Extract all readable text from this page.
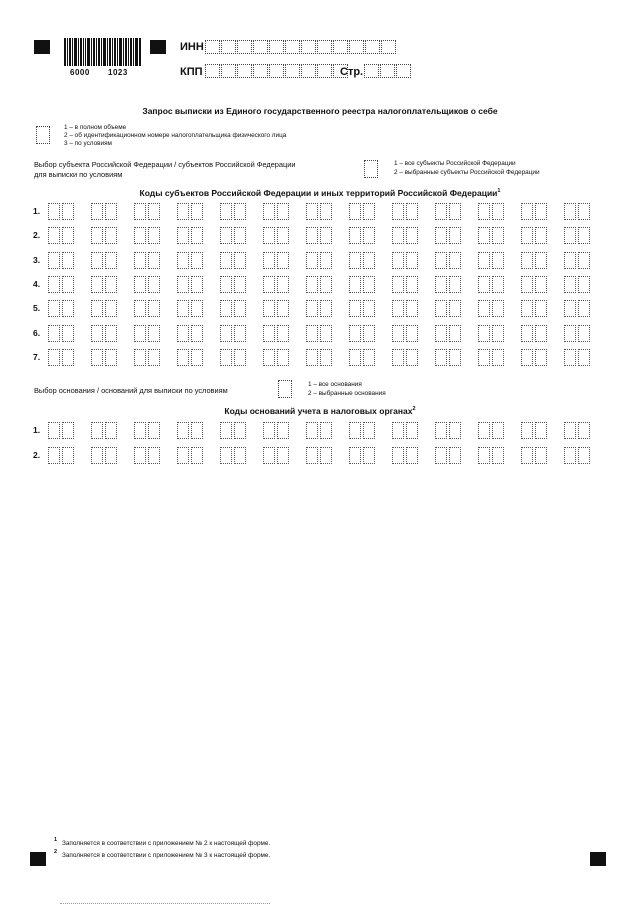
6000 1023
ИНН
КПП	Стр.
Запрос выписки из Единого государственного реестра налогоплательщиков о себе
1 – в полном объеме
2 – об идентификационном номере налогоплательщика физического лица
3 – по условиям
Выбор субъекта Российской Федерации / субъектов Российской Федерации
для выписки по условиям
1 – все субъекты Российской Федерации
2 – выбранные субъекты Российской Федерации
Коды субъектов Российской Федерации и иных территорий Российской Федерации$^1$
1.
2.
3.
4.
5.
6.
7.
Выбор основания / оснований для выписки по условиям
1 – все основания
2 – выбранные основания
Коды оснований учета в налоговых органах$^2$
1.
2.
1 Заполняется в соответствии с приложением № 2 к настоящей форме.
2 Заполняется в соответствии с приложением № 3 к настоящей форме.
